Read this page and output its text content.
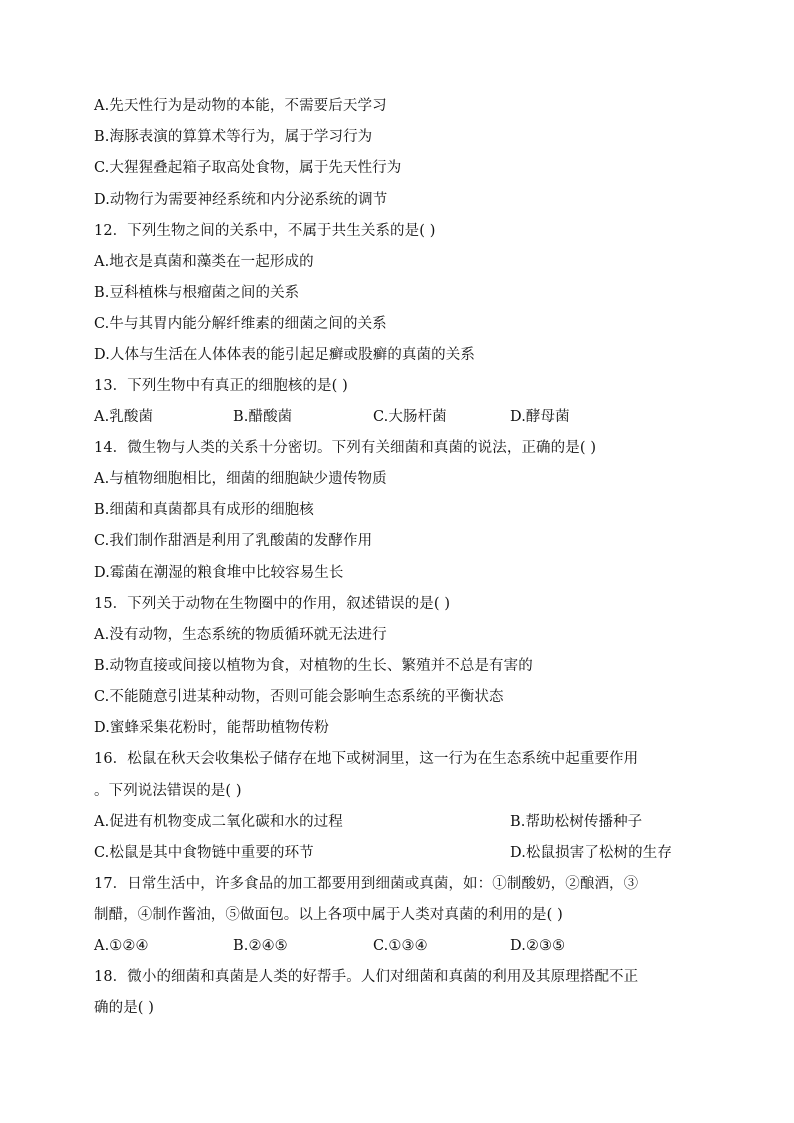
A.先天性行为是动物的本能，不需要后天学习
B.海豚表演的算算术等行为，属于学习行为
C.大猩猩叠起箱子取高处食物，属于先天性行为
D.动物行为需要神经系统和内分泌系统的调节
12．下列生物之间的关系中，不属于共生关系的是( )
A.地衣是真菌和藻类在一起形成的
B.豆科植株与根瘤菌之间的关系
C.牛与其胃内能分解纤维素的细菌之间的关系
D.人体与生活在人体体表的能引起足癣或股癣的真菌的关系
13．下列生物中有真正的细胞核的是( )
A.乳酸菌	B.醋酸菌	C.大肠杆菌	D.酵母菌
14．微生物与人类的关系十分密切。下列有关细菌和真菌的说法，正确的是( )
A.与植物细胞相比，细菌的细胞缺少遗传物质
B.细菌和真菌都具有成形的细胞核
C.我们制作甜酒是利用了乳酸菌的发酵作用
D.霉菌在潮湿的粮食堆中比较容易生长
15．下列关于动物在生物圈中的作用，叙述错误的是( )
A.没有动物，生态系统的物质循环就无法进行
B.动物直接或间接以植物为食，对植物的生长、繁殖并不总是有害的
C.不能随意引进某种动物，否则可能会影响生态系统的平衡状态
D.蜜蜂采集花粉时，能帮助植物传粉
16．松鼠在秋天会收集松子储存在地下或树洞里，这一行为在生态系统中起重要作用
。下列说法错误的是( )
A.促进有机物变成二氧化碳和水的过程	B.帮助松树传播种子
C.松鼠是其中食物链中重要的环节	D.松鼠损害了松树的生存
17．日常生活中，许多食品的加工都要用到细菌或真菌，如：①制酸奶，②酿酒，③
制醋，④制作酱油，⑤做面包。以上各项中属于人类对真菌的利用的是( )
A.①②④	B.②④⑤	C.①③④	D.②③⑤
18．微小的细菌和真菌是人类的好帮手。人们对细菌和真菌的利用及其原理搭配不正
确的是( )
